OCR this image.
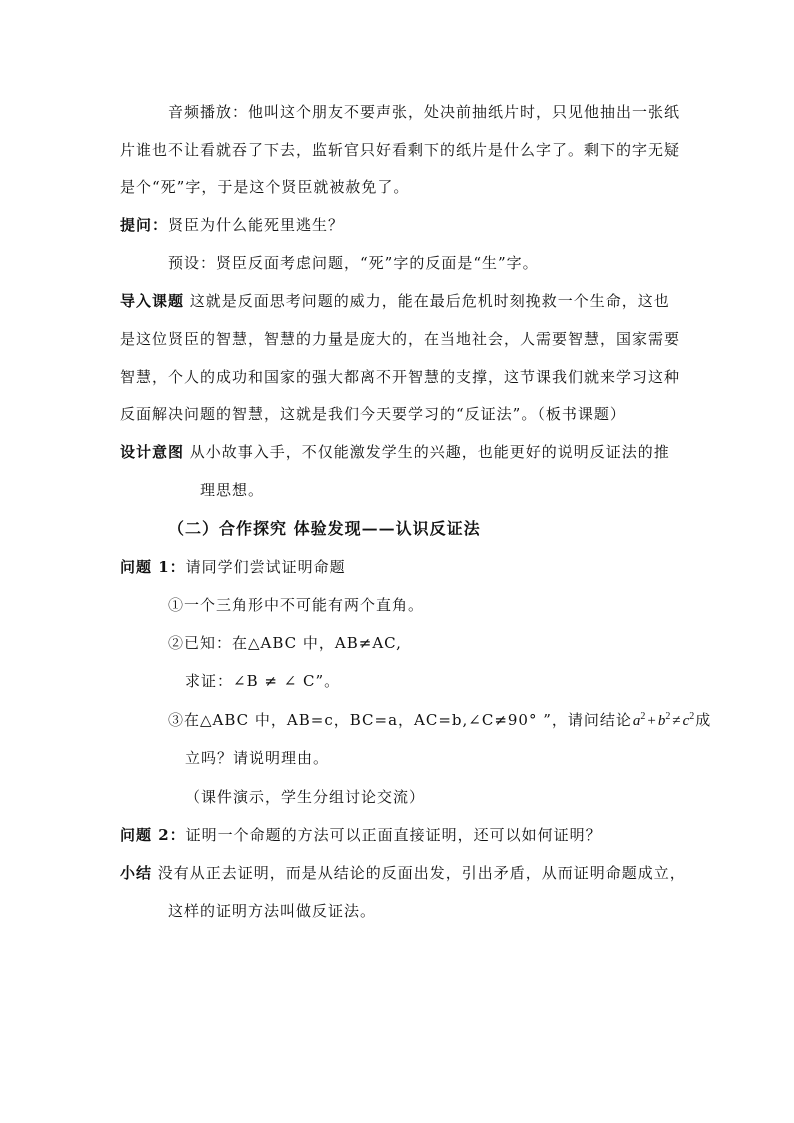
音频播放：他叫这个朋友不要声张，处决前抽纸片时，只见他抽出一张纸
片谁也不让看就吞了下去，监斩官只好看剩下的纸片是什么字了。剩下的字无疑
是个“死”字，于是这个贤臣就被赦免了。
提问：贤臣为什么能死里逃生？
预设：贤臣反面考虑问题，“死”字的反面是“生”字。
导入课题 这就是反面思考问题的威力，能在最后危机时刻挽救一个生命，这也
是这位贤臣的智慧，智慧的力量是庞大的，在当地社会，人需要智慧，国家需要
智慧，个人的成功和国家的强大都离不开智慧的支撑，这节课我们就来学习这种
反面解决问题的智慧，这就是我们今天要学习的“反证法”。（板书课题）
设计意图 从小故事入手，不仅能激发学生的兴趣，也能更好的说明反证法的推
理思想。
（二）合作探究 体验发现——认识反证法
问题 1：请同学们尝试证明命题
①一个三角形中不可能有两个直角。
②已知：在△ABC 中，AB≠AC,
求证：∠B ≠ ∠ C”。
③在△ABC 中，AB=c，BC=a，AC=b,∠C≠90° ”，请问结论$a^2 + b^2 \ne c^2$成
立吗？请说明理由。
（课件演示，学生分组讨论交流）
问题 2：证明一个命题的方法可以正面直接证明，还可以如何证明？
小结 没有从正去证明，而是从结论的反面出发，引出矛盾，从而证明命题成立，
这样的证明方法叫做反证法。
